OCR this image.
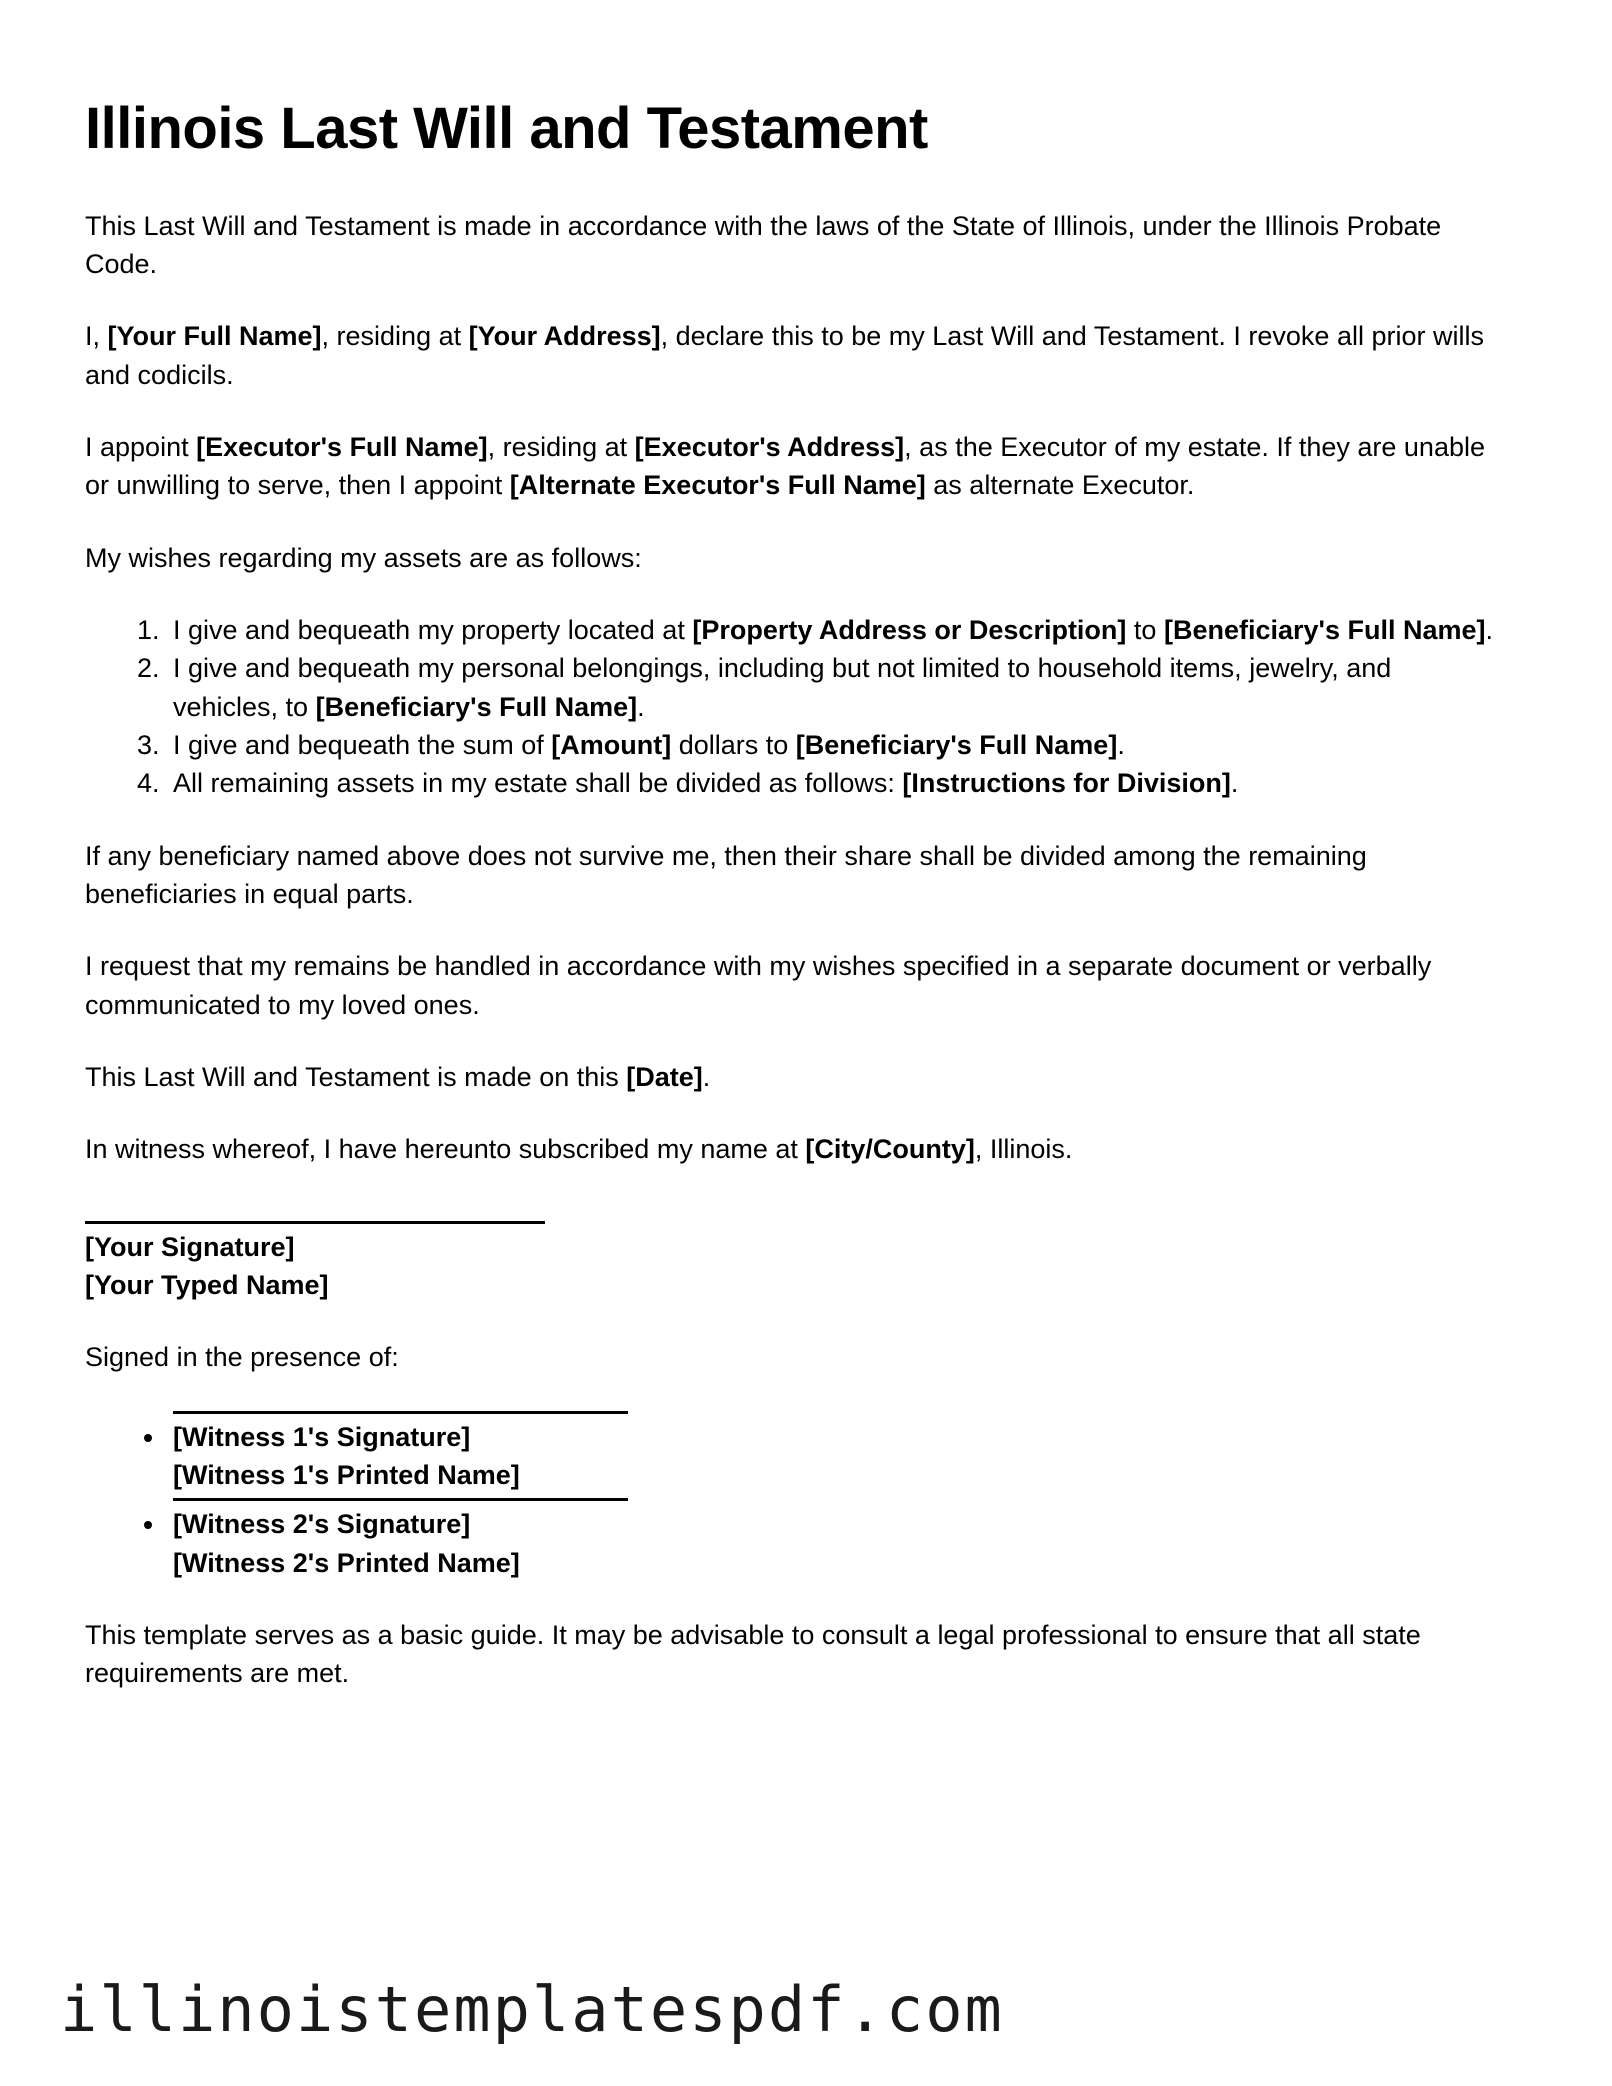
Illinois Last Will and Testament

This Last Will and Testament is made in accordance with the laws of the State of Illinois, under the Illinois Probate Code.

I, [Your Full Name], residing at [Your Address], declare this to be my Last Will and Testament. I revoke all prior wills and codicils.

I appoint [Executor's Full Name], residing at [Executor's Address], as the Executor of my estate. If they are unable or unwilling to serve, then I appoint [Alternate Executor's Full Name] as alternate Executor.

My wishes regarding my assets are as follows:

1. I give and bequeath my property located at [Property Address or Description] to [Beneficiary's Full Name].
2. I give and bequeath my personal belongings, including but not limited to household items, jewelry, and vehicles, to [Beneficiary's Full Name].
3. I give and bequeath the sum of [Amount] dollars to [Beneficiary's Full Name].
4. All remaining assets in my estate shall be divided as follows: [Instructions for Division].

If any beneficiary named above does not survive me, then their share shall be divided among the remaining beneficiaries in equal parts.

I request that my remains be handled in accordance with my wishes specified in a separate document or verbally communicated to my loved ones.

This Last Will and Testament is made on this [Date].

In witness whereof, I have hereunto subscribed my name at [City/County], Illinois.

[Your Signature]
[Your Typed Name]

Signed in the presence of:

• [Witness 1's Signature]
[Witness 1's Printed Name]
• [Witness 2's Signature]
[Witness 2's Printed Name]

This template serves as a basic guide. It may be advisable to consult a legal professional to ensure that all state requirements are met.

illinoistemplatespdf.com
